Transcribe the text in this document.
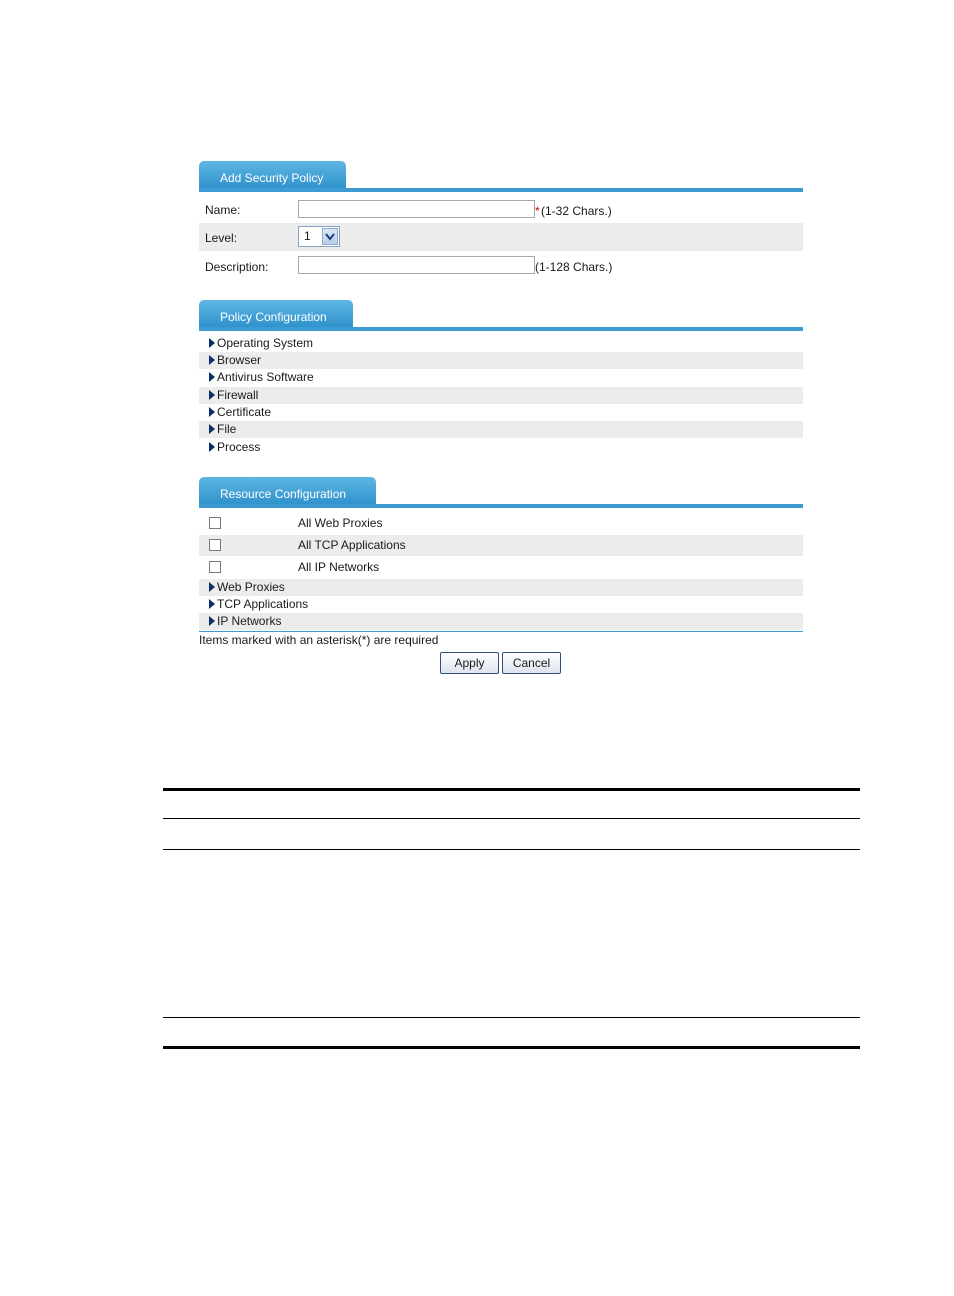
Add Security Policy
Name:	* (1-32 Chars.)
Level:	1
Description:	(1-128 Chars.)
Policy Configuration
Operating System
Browser
Antivirus Software
Firewall
Certificate
File
Process
Resource Configuration
All Web Proxies
All TCP Applications
All IP Networks
Web Proxies
TCP Applications
IP Networks
Items marked with an asterisk(*) are required
Apply	Cancel
